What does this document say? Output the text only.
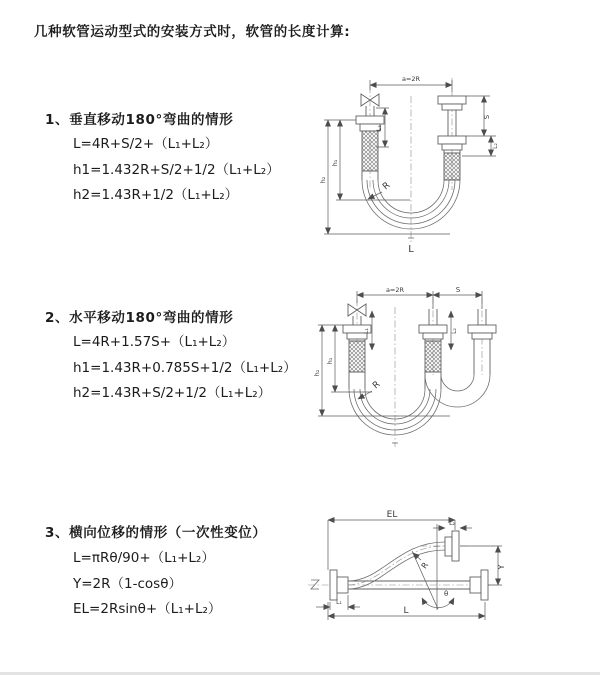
几种软管运动型式的安装方式时，软管的长度计算:
1、垂直移动180°弯曲的情形
L=4R+S/2+（L₁+L₂）
h1=1.432R+S/2+1/2（L₁+L₂）
h2=1.43R+1/2（L₁+L₂）
2、水平移动180°弯曲的情形
L=4R+1.57S+（L₁+L₂）
h1=1.43R+0.785S+1/2（L₁+L₂）
h2=1.43R+S/2+1/2（L₁+L₂）
3、横向位移的情形（一次性变位）
L=πRθ/90+（L₁+L₂）
Y=2R（1-cosθ）
EL=2Rsinθ+（L₁+L₂）
a=2R
L₁
h₁
h₂
S
L₂
R
L
a=2R	S
L₁	L₂
h₁
h₂
R
θ
R
EL
L₂
Y
L
L₁
